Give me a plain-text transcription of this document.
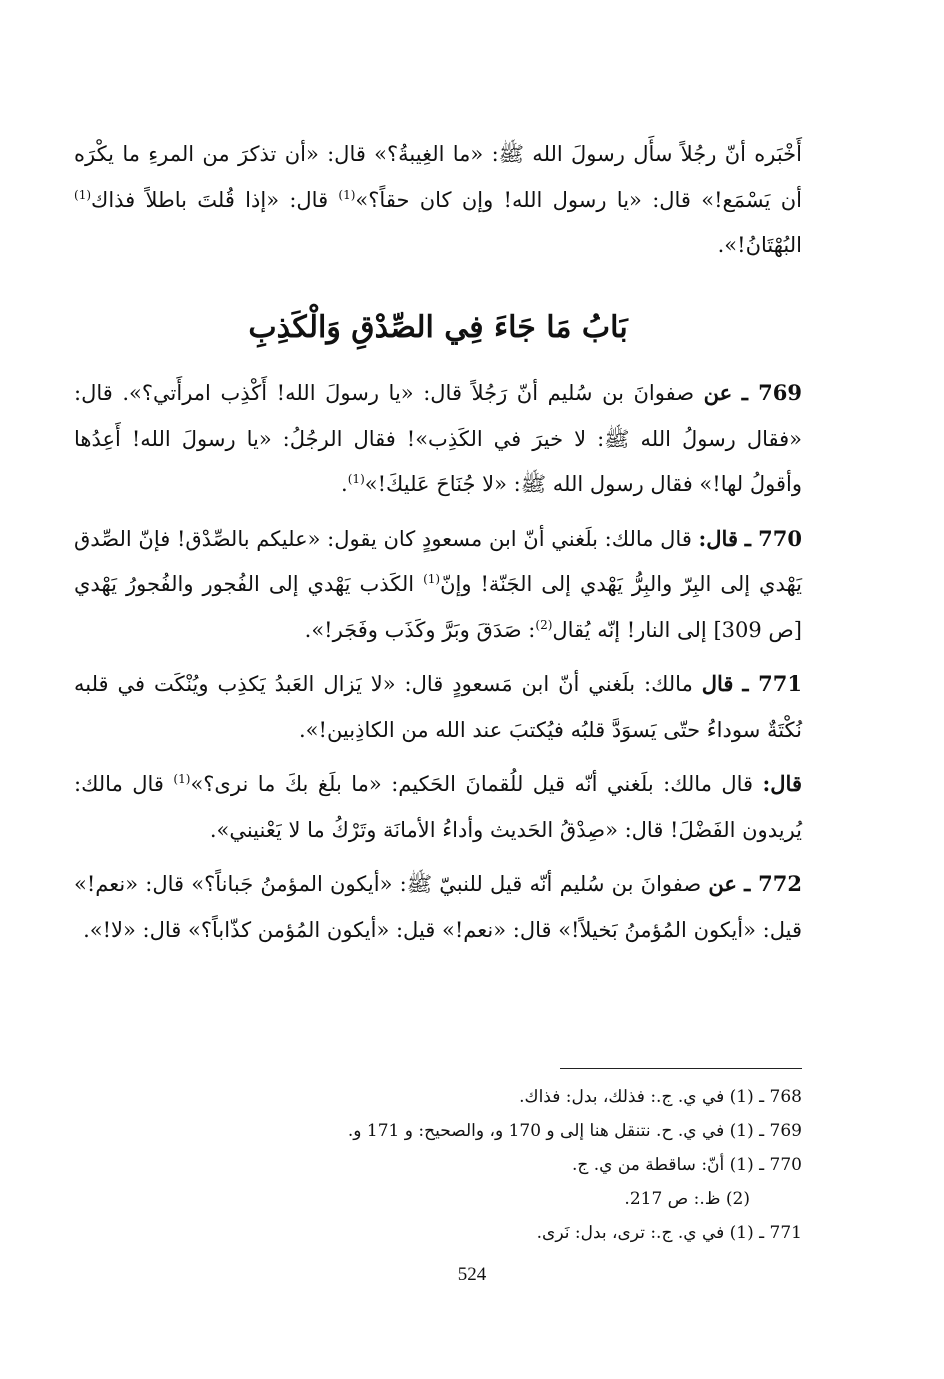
أَخْبَره أنّ رجُلاً سأَل رسولَ الله ﷺ: «ما الغِيبةُ؟» قال: «أن تذكرَ من المرءِ ما يكْرَه أن يَسْمَع!» قال: «يا رسول الله! وإن كان حقاً؟»$^{(1)}$ قال: «إذا قُلتَ باطلاً فذاك$^{(1)}$ البُهْتَانُ!».

بَابُ مَا جَاءَ فِي الصِّدْقِ وَالْكَذِبِ

769 ـ عن صفوانَ بن سُليم أنّ رَجُلاً قال: «يا رسولَ الله! أَكْذِب امرأَتي؟». قال: «فقال رسولُ الله ﷺ: لا خيرَ في الكَذِب»! فقال الرجُلُ: «يا رسولَ الله! أَعِدُها وأقولُ لها!» فقال رسول الله ﷺ: «لا جُنَاحَ عَليكَ!»$^{(1)}$.

770 ـ قال: قال مالك: بلَغني أنّ ابن مسعودٍ كان يقول: «عليكم بالصِّدْق! فإنّ الصِّدق يَهْدي إلى البِرّ والبِرُّ يَهْدي إلى الجَنّة! وإنّ$^{(1)}$ الكَذب يَهْدي إلى الفُجور والفُجورُ يَهْدي [ص 309] إلى النار! إنّه يُقال$^{(2)}$: صَدَقَ وبَرَّ وكَذَب وفَجَر!».

771 ـ قال مالك: بلَغني أنّ ابن مَسعودٍ قال: «لا يَزال العَبدُ يَكذِب ويُنْكَت في قلبه نُكْتَةٌ سوداءُ حتّى يَسوَدَّ قلبُه فيُكتبَ عند الله من الكاذِبين!».

قال: قال مالك: بلَغني أنّه قيل للُقمانَ الحَكيم: «ما بلَغ بكَ ما نرى؟»$^{(1)}$ قال مالك: يُريدون الفَضْلَ! قال: «صِدْقُ الحَديث وأداءُ الأمانَة وتَرْكُ ما لا يَعْنيني».

772 ـ عن صفوانَ بن سُليم أنّه قيل للنبيّ ﷺ: «أيكون المؤمنُ جَباناً؟» قال: «نعم!» قيل: «أيكون المُؤمنُ بَخيلاً!» قال: «نعم!» قيل: «أيكون المُؤمن كذّاباً؟» قال: «لا!».

768 ـ (1) في ي. ج.: فذلك، بدل: فذاك.

769 ـ (1) في ي. ح. نتنقل هنا إلى و 170 و، والصحيح: و 171 و.

770 ـ (1) أنّ: ساقطة من ي. ج.

(2) ظ.: ص 217.

771 ـ (1) في ي. ج.: ترى، بدل: نَرى.

524
